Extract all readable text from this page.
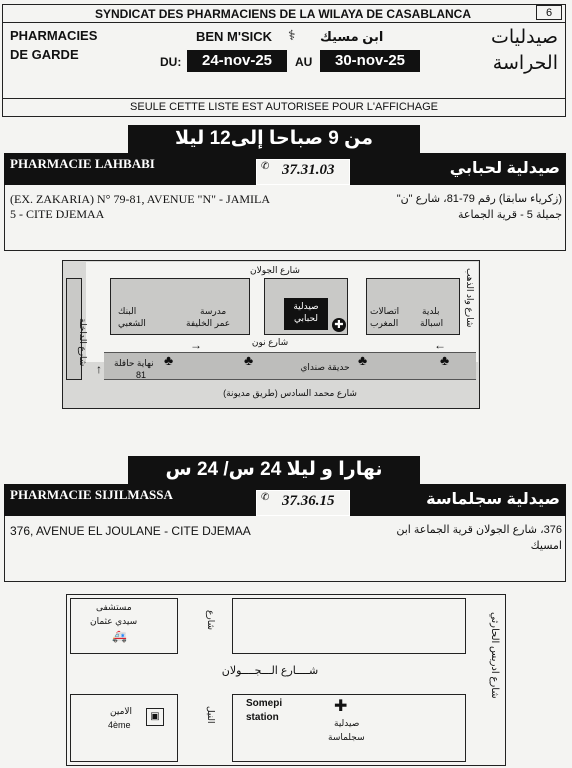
SYNDICAT DES PHARMACIENS DE LA WILAYA DE CASABLANCA	6
PHARMACIES
DE GARDE
BEN M'SICK ⚕ ابن مسيك	صيدليات
الحراسة
DU:	24-nov-25	AU	30-nov-25
SEULE CETTE LISTE EST AUTORISEE POUR L'AFFICHAGE
من 9 صباحا إلى12 ليلا
PHARMACIE LAHBABI	صيدلية لحبابي
✆ 37.31.03
(EX. ZAKARIA) N° 79-81, AVENUE "N" - JAMILA 5 - CITE DJEMAA
(زكرياء سابقا) رقم 79-81، شارع "ن"
جميلة 5 - قرية الجماعة
البنك
الشعبي
مدرسة
عمر الخليفة
صيدلية
لحبابي
✚
اتصالات
المغرب
بلدية
اسبالة
شارع الجولان
شارع نون
شارع الداخلة
شارع واد الذهب
حديقة صنداي
♣	♣	♣	♣
نهاية حافلة
81
↑
→	←
شارع محمد السادس (طريق مديونة)
نهارا و ليلا 24 س/ 24 س
PHARMACIE SIJILMASSA	صيدلية سجلماسة
✆ 37.36.15
376, AVENUE EL JOULANE - CITE DJEMAA	376، شارع الجولان قرية الجماعة ابن
امسيك
مستشفى
سيدي عثمان
🚑
شارع
شــــارع الـــجــــولان
الامين
4ème
▣	النيل
Somepi
station
✚
صيدلية
سجلماسة
شارع ادريس الحارثي
